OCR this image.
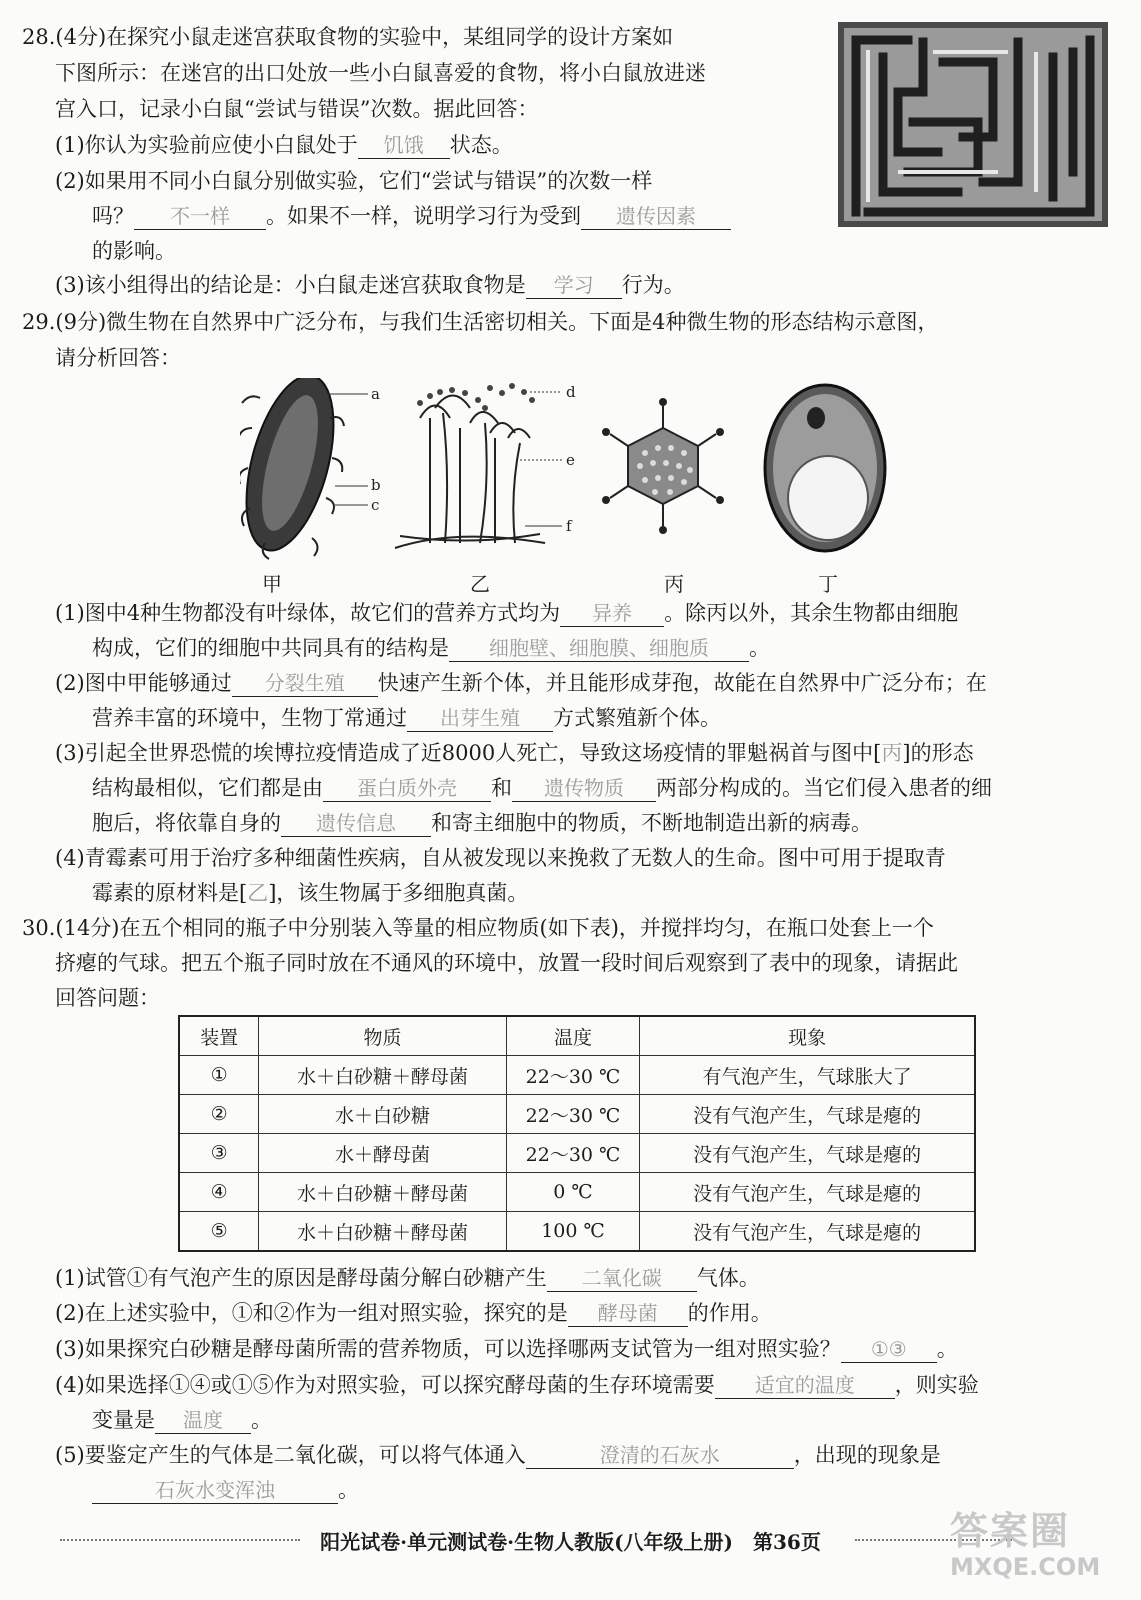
28.(4分)在探究小鼠走迷宫获取食物的实验中，某组同学的设计方案如
下图所示：在迷宫的出口处放一些小白鼠喜爱的食物，将小白鼠放进迷
宫入口，记录小白鼠“尝试与错误”次数。据此回答：
(1)你认为实验前应使小白鼠处于 饥饿 状态。
(2)如果用不同小白鼠分别做实验，它们“尝试与错误”的次数一样
吗？ 不一样 。如果不一样，说明学习行为受到 遗传因素
的影响。
(3)该小组得出的结论是：小白鼠走迷宫获取食物是 学习 行为。
29.(9分)微生物在自然界中广泛分布，与我们生活密切相关。下面是4种微生物的形态结构示意图，
请分析回答：
a
b
c
d
e
f
甲	乙	丙	丁
(1)图中4种生物都没有叶绿体，故它们的营养方式均为 异养 。除丙以外，其余生物都由细胞
构成，它们的细胞中共同具有的结构是 细胞壁、细胞膜、细胞质 。
(2)图中甲能够通过 分裂生殖 快速产生新个体，并且能形成芽孢，故能在自然界中广泛分布；在
营养丰富的环境中，生物丁常通过 出芽生殖 方式繁殖新个体。
(3)引起全世界恐慌的埃博拉疫情造成了近8000人死亡，导致这场疫情的罪魁祸首与图中[丙]的形态
结构最相似，它们都是由 蛋白质外壳 和 遗传物质 两部分构成的。当它们侵入患者的细
胞后，将依靠自身的 遗传信息 和寄主细胞中的物质，不断地制造出新的病毒。
(4)青霉素可用于治疗多种细菌性疾病，自从被发现以来挽救了无数人的生命。图中可用于提取青
霉素的原材料是[乙]，该生物属于多细胞真菌。
30.(14分)在五个相同的瓶子中分别装入等量的相应物质(如下表)，并搅拌均匀，在瓶口处套上一个
挤瘪的气球。把五个瓶子同时放在不通风的环境中，放置一段时间后观察到了表中的现象，请据此
回答问题：
装置	物质	温度	现象
①	水＋白砂糖＋酵母菌	22～30 ℃	有气泡产生，气球胀大了
②	水＋白砂糖	22～30 ℃	没有气泡产生，气球是瘪的
③	水＋酵母菌	22～30 ℃	没有气泡产生，气球是瘪的
④	水＋白砂糖＋酵母菌	0 ℃	没有气泡产生，气球是瘪的
⑤	水＋白砂糖＋酵母菌	100 ℃	没有气泡产生，气球是瘪的
(1)试管①有气泡产生的原因是酵母菌分解白砂糖产生 二氧化碳 气体。
(2)在上述实验中，①和②作为一组对照实验，探究的是 酵母菌 的作用。
(3)如果探究白砂糖是酵母菌所需的营养物质，可以选择哪两支试管为一组对照实验？ ①③ 。
(4)如果选择①④或①⑤作为对照实验，可以探究酵母菌的生存环境需要 适宜的温度 ，则实验
变量是 温度 。
(5)要鉴定产生的气体是二氧化碳，可以将气体通入	澄清的石灰水	，出现的现象是
石灰水变浑浊	。
阳光试卷·单元测试卷·生物人教版(八年级上册)　第36页	答案圈
MXQE.COM
